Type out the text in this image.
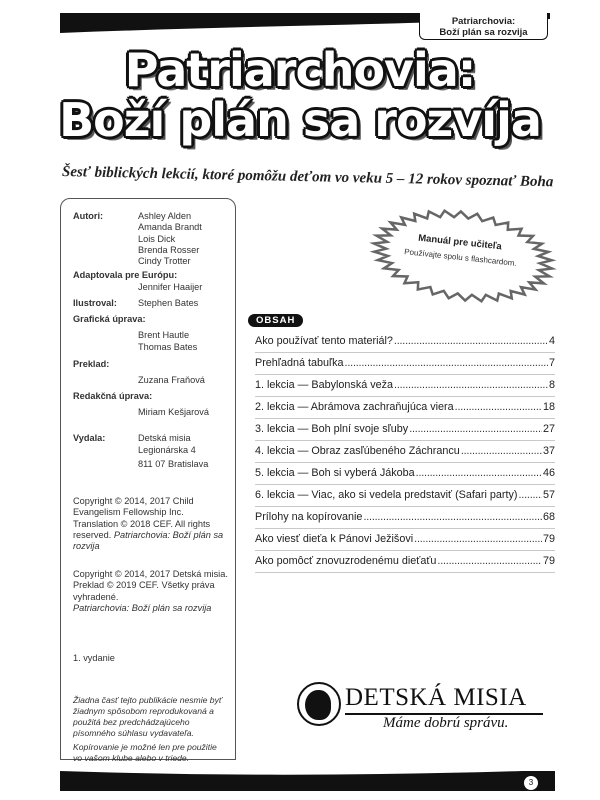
Patriarchovia:
Boží plán sa rozvija
Patriarchovia:
Boží plán sa rozvíja
Šesť biblických lekcií, ktoré pomôžu deťom vo veku 5 – 12 rokov spoznať Boha
Autori:	Ashley Alden
Amanda Brandt
Lois Dick
Brenda Rosser
Cindy Trotter
Adaptovala pre Európu:
Jennifer Haaijer
Ilustroval: Stephen Bates
Grafická úprava:
Brent Hautle
Thomas Bates
Preklad:
Zuzana Fraňová
Redakčná úprava:
Miriam Kešjarová
Vydala:	Detská misia
Legionárska 4
811 07 Bratislava
Copyright © 2014, 2017 Child Evangelism Fellowship Inc. Translation © 2018 CEF. All rights reserved. Patriarchovia: Boží plán sa rozvija
Copyright © 2014, 2017 Detská misia. Preklad © 2019 CEF. Všetky práva vyhradené.
Patriarchovia: Boží plán sa rozvija
1. vydanie
Žiadna časť tejto publikácie nesmie byť žiadnym spôsobom reprodukovaná a použitá bez predchádzajúceho písomného súhlasu vydavateľa.
Kopírovanie je možné len pre použitie vo vašom klube alebo v triede.
Manuál pre učiteľa
Používajte spolu s flashcardom.
OBSAH
Ako používať tento materiál? . . .	4
Prehľadná tabuľka . . .	7
1. lekcia — Babylonská veža . . .	8
2. lekcia — Abrámova zachraňujúca viera . . .	18
3. lekcia — Boh plní svoje sľuby . . .	27
4. lekcia — Obraz zasľúbeného Záchrancu . . .	37
5. lekcia — Boh si vyberá Jákoba . . .	46
6. lekcia — Viac, ako si vedela predstaviť (Safari party) . . . 57
Prílohy na kopírovanie . . .	68
Ako viesť dieťa k Pánovi Ježišovi . . .	79
Ako pomôcť znovuzrodenému dieťaťu . . .	79
DETSKÁ MISIA
Máme dobrú správu.
3
